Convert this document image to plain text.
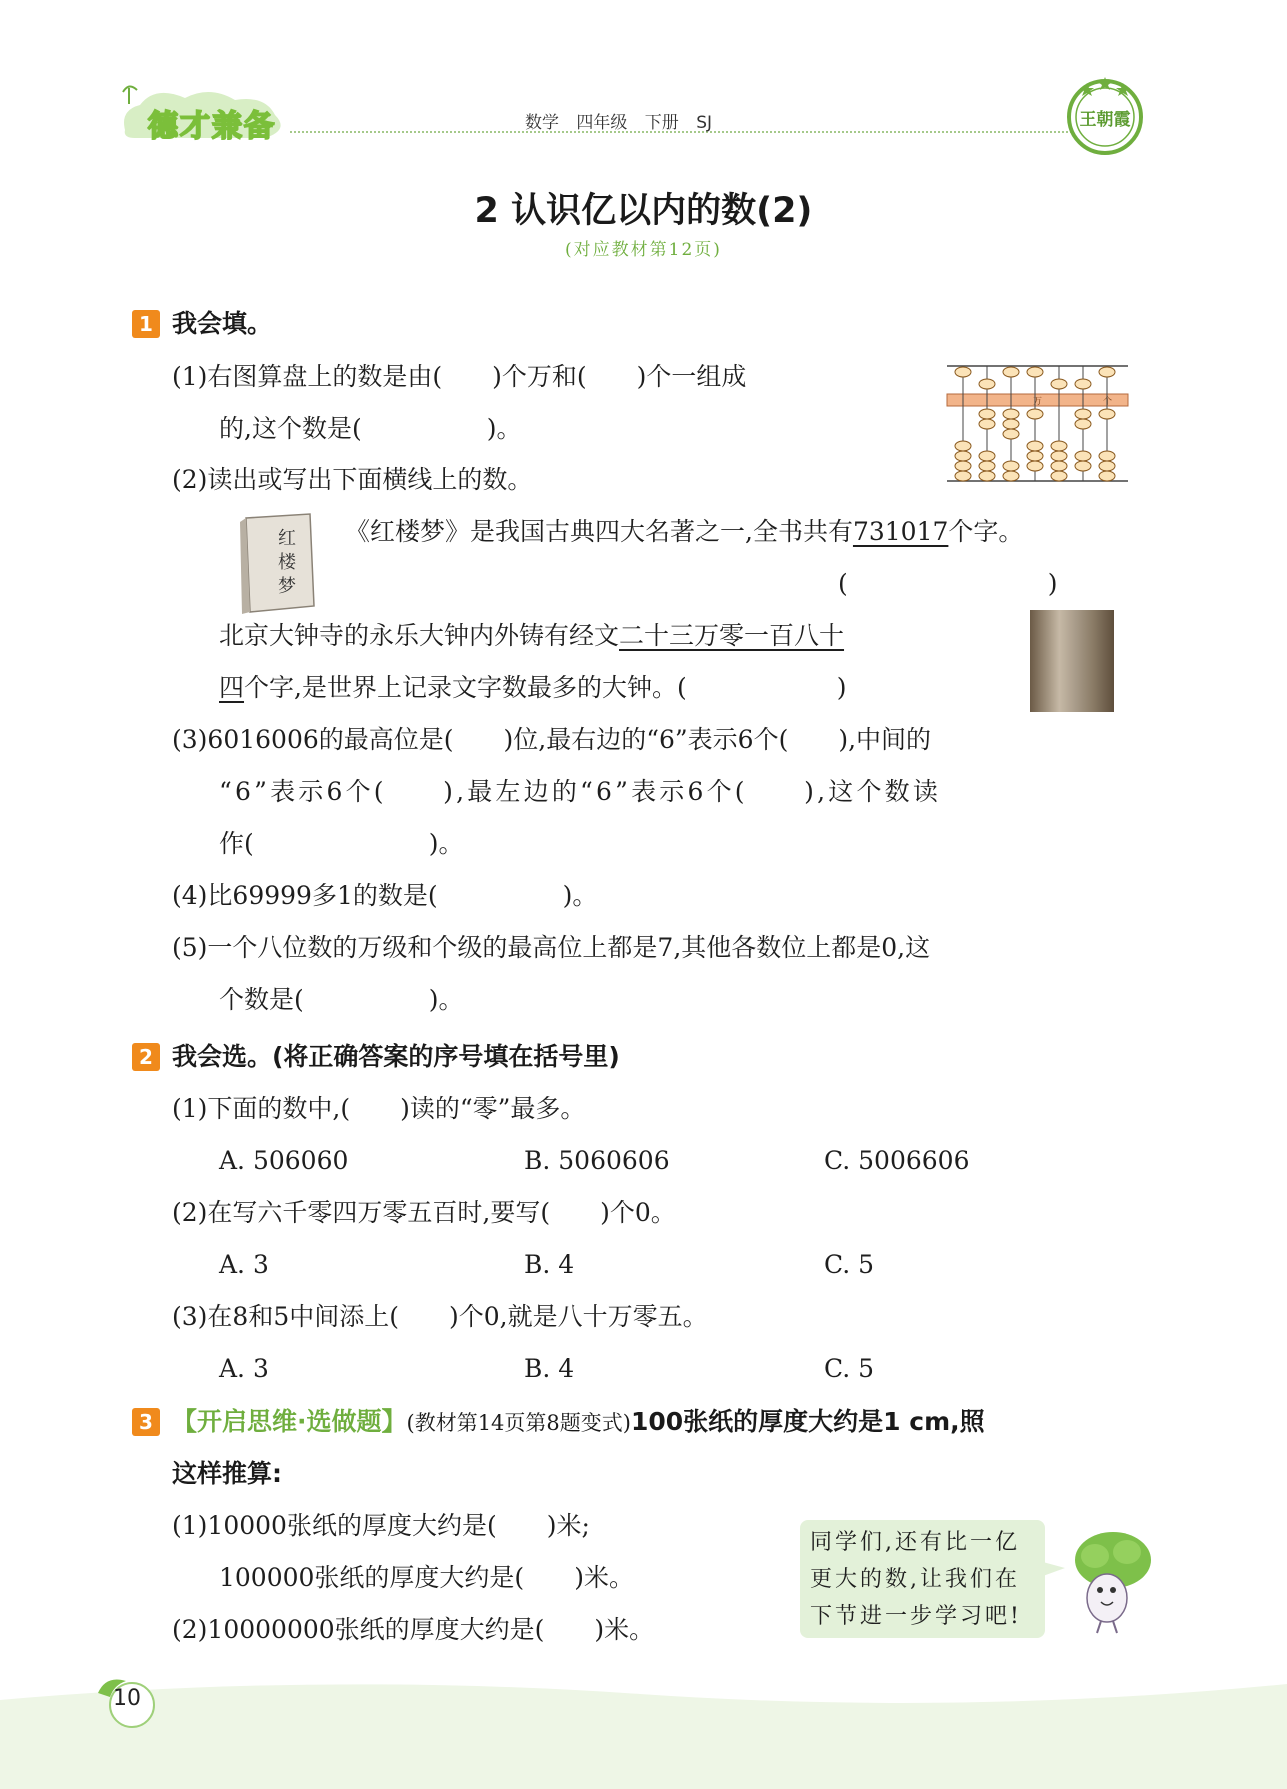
德才兼备	数学 四年级 下册 SJ	王朝霞
2 认识亿以内的数(2)
(对应教材第12页)
1 我会填。
(1)右图算盘上的数是由(　　)个万和(　　)个一组成
的,这个数是(　　　　　)。
万	个
(2)读出或写出下面横线上的数。
红楼梦
《红楼梦》是我国古典四大名著之一,全书共有731017个字。
(　　　　　　　　)
北京大钟寺的永乐大钟内外铸有经文二十三万零一百八十
四个字,是世界上记录文字数最多的大钟。(　　　　　　)
(3)6016006的最高位是(　　)位,最右边的“6”表示6个(　　),中间的
“6”表示6个(　　),最左边的“6”表示6个(　　),这个数读
作(　　　　　　　)。
(4)比69999多1的数是(　　　　　)。
(5)一个八位数的万级和个级的最高位上都是7,其他各数位上都是0,这
个数是(　　　　　)。
2 我会选。(将正确答案的序号填在括号里)
(1)下面的数中,(　　)读的“零”最多。
A. 506060	B. 5060606	C. 5006606
(2)在写六千零四万零五百时,要写(　　)个0。
A. 3	B. 4	C. 5
(3)在8和5中间添上(　　)个0,就是八十万零五。
A. 3	B. 4	C. 5
3 【开启思维·选做题】(教材第14页第8题变式)100张纸的厚度大约是1 cm,照
这样推算:
(1)10000张纸的厚度大约是(　　)米;
100000张纸的厚度大约是(　　)米。
(2)10000000张纸的厚度大约是(　　)米。
同学们,还有比一亿更大的数,让我们在下节进一步学习吧!
10
